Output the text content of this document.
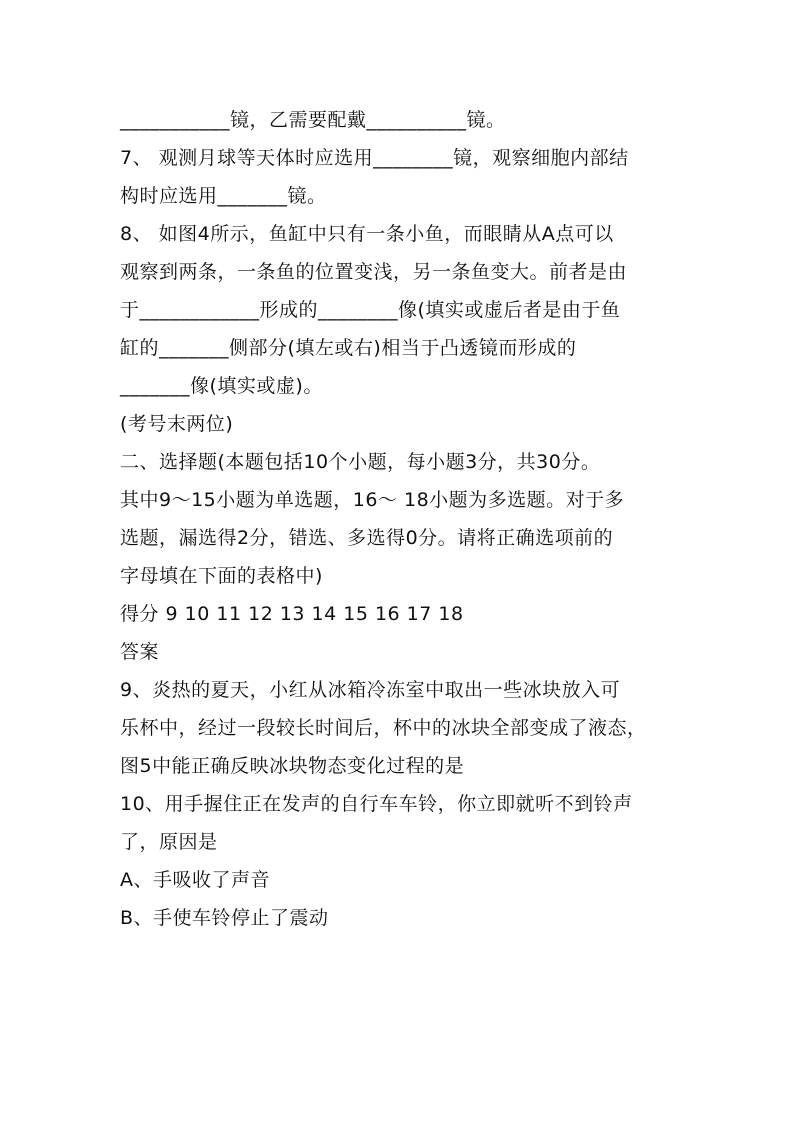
___________镜，乙需要配戴__________镜。
7、 观测月球等天体时应选用________镜，观察细胞内部结
构时应选用_______镜。
8、 如图4所示，鱼缸中只有一条小鱼，而眼睛从A点可以
观察到两条，一条鱼的位置变浅，另一条鱼变大。前者是由
于____________形成的________像(填实或虚后者是由于鱼
缸的_______侧部分(填左或右)相当于凸透镜而形成的
_______像(填实或虚)。
(考号末两位)
二、选择题(本题包括10个小题，每小题3分，共30分。
其中9～15小题为单选题，16～ 18小题为多选题。对于多
选题，漏选得2分，错选、多选得0分。请将正确选项前的
字母填在下面的表格中)
得分 9 10 11 12 13 14 15 16 17 18
答案
9、炎热的夏天，小红从冰箱冷冻室中取出一些冰块放入可
乐杯中，经过一段较长时间后，杯中的冰块全部变成了液态，
图5中能正确反映冰块物态变化过程的是
10、用手握住正在发声的自行车车铃，你立即就听不到铃声
了，原因是
A、手吸收了声音
B、手使车铃停止了震动
